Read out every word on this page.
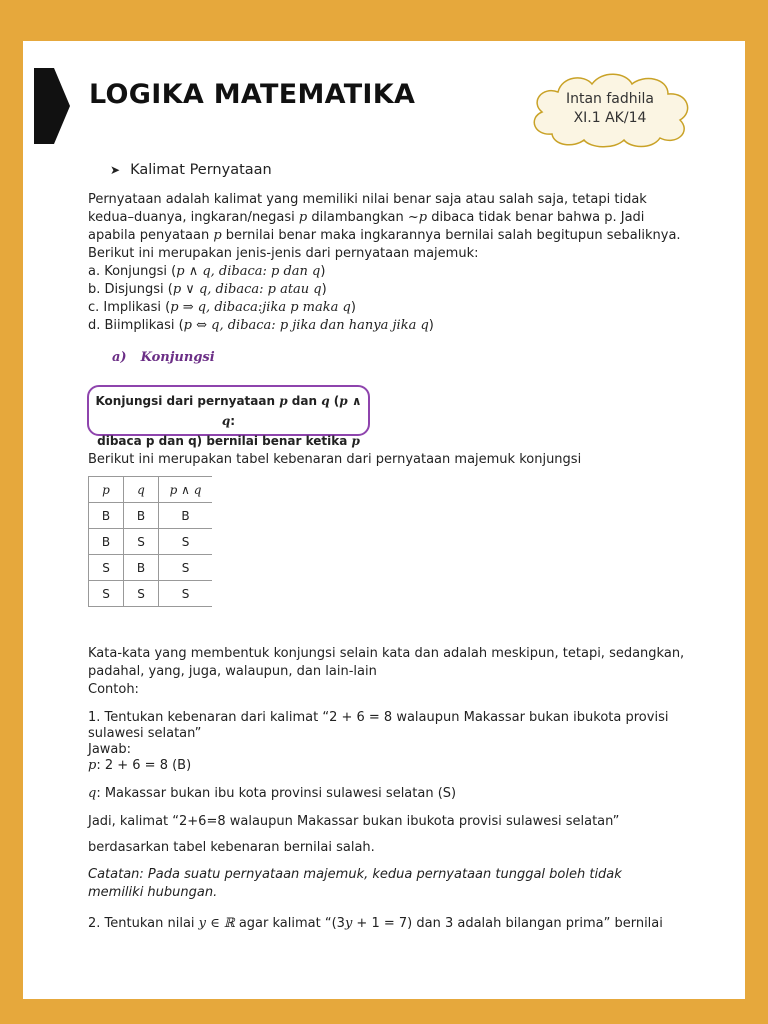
LOGIKA MATEMATIKA	Intan fadhila
XI.1 AK/14
➤ Kalimat Pernyataan
Pernyataan adalah kalimat yang memiliki nilai benar saja atau salah saja, tetapi tidak
kedua–duanya, ingkaran/negasi p dilambangkan ~p dibaca tidak benar bahwa p. Jadi
apabila penyataan p bernilai benar maka ingkarannya bernilai salah begitupun sebaliknya.
Berikut ini merupakan jenis-jenis dari pernyataan majemuk:
a. Konjungsi (p ∧ q, dibaca: p dan q)
b. Disjungsi (p ∨ q, dibaca: p atau q)
c. Implikasi (p ⇒ q, dibaca:jika p maka q)
d. Biimplikasi (p ⇔ q, dibaca: p jika dan hanya jika q)
a) Konjungsi
Konjungsi dari pernyataan p dan q (p ∧ q:
dibaca p dan q) bernilai benar ketika p
Berikut ini merupakan tabel kebenaran dari pernyataan majemuk konjungsi
p	q	p ∧ q
B	B	B
B	S	S
S	B	S
S	S	S
Kata-kata yang membentuk konjungsi selain kata dan adalah meskipun, tetapi, sedangkan,
padahal, yang, juga, walaupun, dan lain-lain
Contoh:
1. Tentukan kebenaran dari kalimat “2 + 6 = 8 walaupun Makassar bukan ibukota provisi
sulawesi selatan”
Jawab:
p: 2 + 6 = 8 (B)
q: Makassar bukan ibu kota provinsi sulawesi selatan (S)
Jadi, kalimat “2+6=8 walaupun Makassar bukan ibukota provisi sulawesi selatan”
berdasarkan tabel kebenaran bernilai salah.
Catatan: Pada suatu pernyataan majemuk, kedua pernyataan tunggal boleh tidak
memiliki hubungan.
2. Tentukan nilai y ∈ ℝ agar kalimat “(3y + 1 = 7) dan 3 adalah bilangan prima” bernilai
